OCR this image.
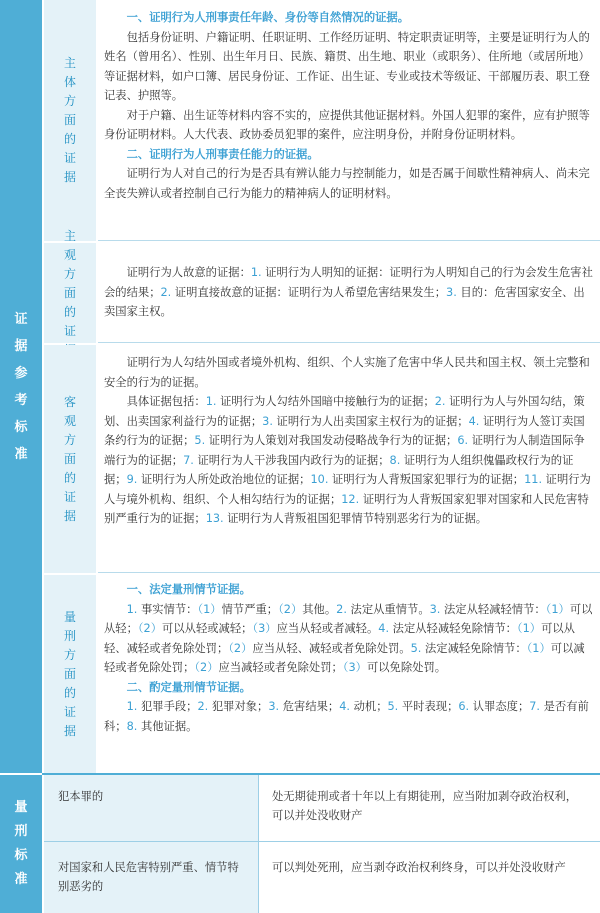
证据参考标准
量刑标准
主体方面的证据

一、证明行为人刑事责任年龄、身份等自然情况的证据。

包括身份证明、户籍证明、任职证明、工作经历证明、特定职责证明等，主要是证明行为人的姓名（曾用名）、性别、出生年月日、民族、籍贯、出生地、职业（或职务）、住所地（或居所地）等证据材料，如户口簿、居民身份证、工作证、出生证、专业或技术等级证、干部履历表、职工登记表、护照等。

对于户籍、出生证等材料内容不实的，应提供其他证据材料。外国人犯罪的案件，应有护照等身份证明材料。人大代表、政协委员犯罪的案件，应注明身份，并附身份证明材料。

二、证明行为人刑事责任能力的证据。

证明行为人对自己的行为是否具有辨认能力与控制能力，如是否属于间歇性精神病人、尚未完全丧失辨认或者控制自己行为能力的精神病人的证明材料。

主观方面的证

证明行为人故意的证据：1. 证明行为人明知的证据：证明行为人明知自己的行为会发生危害社会的结果；2. 证明直接故意的证据：证明行为人希望危害结果发生；3. 目的：危害国家安全、出卖国家主权。

客观方面的证据

证明行为人勾结外国或者境外机构、组织、个人实施了危害中华人民共和国主权、领土完整和安全的行为的证据。

具体证据包括：1. 证明行为人勾结外国暗中接触行为的证据；2. 证明行为人与外国勾结，策划、出卖国家利益行为的证据；3. 证明行为人出卖国家主权行为的证据；4. 证明行为人签订卖国条约行为的证据；5. 证明行为人策划对我国发动侵略战争行为的证据；6. 证明行为人制造国际争端行为的证据；7. 证明行为人干涉我国内政行为的证据；8. 证明行为人组织傀儡政权行为的证据；9. 证明行为人所处政治地位的证据；10. 证明行为人背叛国家犯罪行为的证据；11. 证明行为人与境外机构、组织、个人相勾结行为的证据；12. 证明行为人背叛国家犯罪对国家和人民危害特别严重行为的证据；13. 证明行为人背叛祖国犯罪情节特别恶劣行为的证据。

量刑方面的证据

一、法定量刑情节证据。

1. 事实情节：（1）情节严重；（2）其他。2. 法定从重情节。3. 法定从轻减轻情节：（1）可以从轻；（2）可以从轻或减轻；（3）应当从轻或者减轻。4. 法定从轻减轻免除情节：（1）可以从轻、减轻或者免除处罚；（2）应当从轻、减轻或者免除处罚。5. 法定减轻免除情节：（1）可以减轻或者免除处罚；（2）应当减轻或者免除处罚；（3）可以免除处罚。

二、酌定量刑情节证据。

1. 犯罪手段；2. 犯罪对象；3. 危害结果；4. 动机；5. 平时表现；6. 认罪态度；7. 是否有前科；8. 其他证据。

犯本罪的	处无期徒刑或者十年以上有期徒刑，应当附加剥夺政治权利，可以并处没收财产
对国家和人民危害特别严重、情节特别恶劣的
可以判处死刑，应当剥夺政治权利终身，可以并处没收财产
